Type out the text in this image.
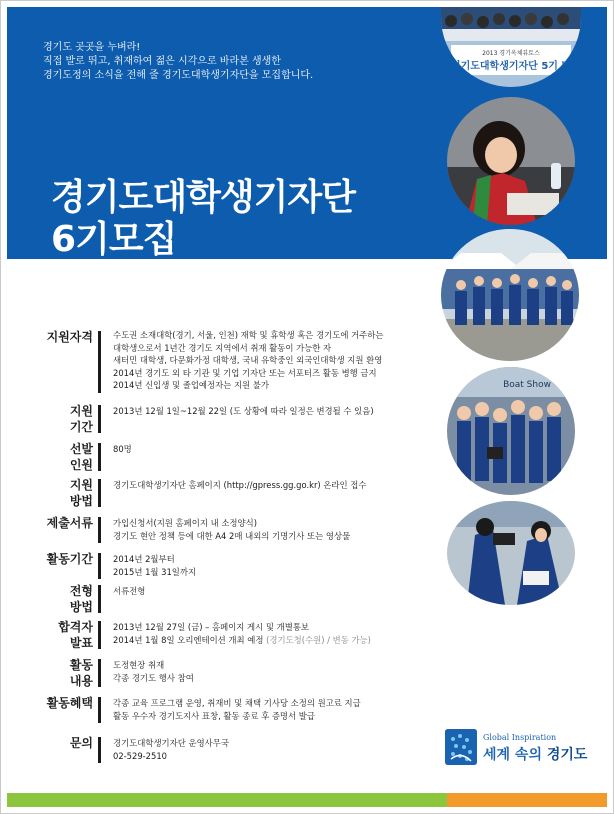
경기도 곳곳을 누벼라!
직접 발로 뛰고, 취재하여 젊은 시각으로 바라본 생생한
경기도정의 소식을 전해 줄 경기도대학생기자단을 모집합니다.
경기도대학생기자단
6기모집
2013 경기옥체뷰토스
경기도대학생기자단 5기 단
Boat Show
지원자격 수도권 소재대학(경기, 서울, 인천) 재학 및 휴학생 혹은 경기도에 거주하는
대학생으로서 1년간 경기도 지역에서 취재 활동이 가능한 자
새터민 대학생, 다문화가정 대학생, 국내 유학중인 외국인대학생 지원 환영
2014년 경기도 외 타 기관 및 기업 기자단 또는 서포터즈 활동 병행 금지
2014년 신입생 및 졸업예정자는 지원 불가
지원
기간
2013년 12월 1일~12월 22일 (도 상황에 따라 일정은 변경될 수 있음)
선발
인원
80명
지원
방법
경기도대학생기자단 홈페이지 (http://gpress.gg.go.kr) 온라인 접수
제출서류 가입신청서(지원 홈페이지 내 소정양식)
경기도 현안 정책 등에 대한 A4 2매 내외의 기명기사 또는 영상물
활동기간 2014년 2월부터
2015년 1월 31일까지
전형
방법
서류전형
합격자
발표
2013년 12월 27일 (금) – 홈페이지 게시 및 개별통보
2014년 1월 8일 오리엔테이션 개최 예정 (경기도청(수원) / 변동 가능)
활동
내용
도정현장 취재
각종 경기도 행사 참여
활동혜택 각종 교육 프로그램 운영, 취재비 및 채택 기사당 소정의 원고료 지급
활동 우수자 경기도지사 표창, 활동 종료 후 증명서 발급
문의 경기도대학생기자단 운영사무국
02-529-2510
Global Inspiration
세계 속의 경기도
